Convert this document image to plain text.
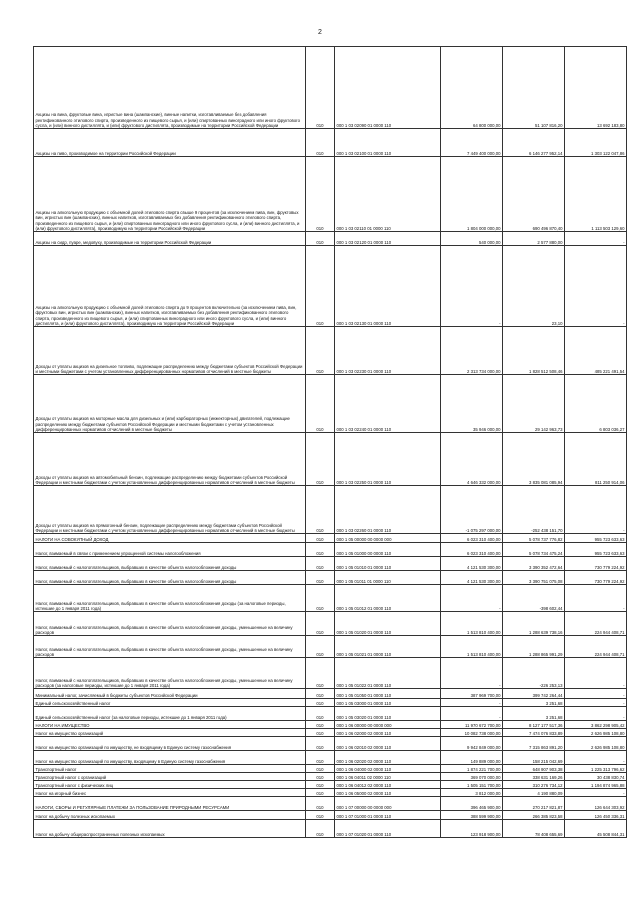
2
Акцизы на вина, фруктовые вина, игристые вина (шампанские), винные напитки, изготавливаемые без добавления ректификованного этилового спирта, произведенного из пищевого сырья, и (или) спиртованных виноградного или иного фруктового сусла, и (или) винного дистиллята, и (или) фруктового дистиллята, производимые на территории Российской Федерации	010	000 1 03 02090 01 0000 110	64 800 000,00	51 107 816,20	13 692 183,80
Акцизы на пиво, производимое на территории Российской Федерации	010	000 1 03 02100 01 0000 110	7 449 400 000,00	6 146 277 952,14	1 303 122 047,86
Акцизы на алкогольную продукцию с объемной долей этилового спирта свыше 9 процентов (за исключением пива, вин, фруктовых вин, игристых вин (шампанских), винных напитков, изготавливаемых без добавления ректификованного этилового спирта, произведенного из пищевого сырья, и (или) спиртованных виноградного или иного фруктового сусла, и (или) винного дистиллята, и (или) фруктового дистиллята), производимую на территории Российской Федерации	010	000 1 03 02110 01 0000 110	1 804 000 000,00	690 496 870,40	1 113 503 129,60
Акцизы на сидр, пуаре, медовуху, производимые на территории Российской Федерации	010	000 1 03 02120 01 0000 110	540 000,00	2 577 880,00	-
Акцизы на алкогольную продукцию с объемной долей этилового спирта до 9 процентов включительно (за исключением пива, вин, фруктовых вин, игристых вин (шампанских), винных напитков, изготавливаемых без добавления ректификованного этилового спирта, произведенного из пищевого сырья, и (или) спиртованных виноградного или иного фруктового сусла, и (или) винного дистиллята, и (или) фруктового дистиллята), производимую на территории Российской Федерации	010	000 1 03 02130 01 0000 110	-	23,10	-
Доходы от уплаты акцизов на дизельное топливо, подлежащие распределению между бюджетами субъектов Российской Федерации и местными бюджетами с учетом установленных дифференцированных нормативов отчислений в местные бюджеты	010	000 1 03 02230 01 0000 110	2 313 734 000,00	1 828 512 508,46	485 221 491,54
Доходы от уплаты акцизов на моторные масла для дизельных и (или) карбюраторных (инжекторных) двигателей, подлежащие распределению между бюджетами субъектов Российской Федерации и местными бюджетами с учетом установленных дифференцированных нормативов отчислений в местные бюджеты	010	000 1 03 02240 01 0000 110	35 946 000,00	29 142 963,73	6 803 036,27
Доходы от уплаты акцизов на автомобильный бензин, подлежащие распределению между бюджетами субъектов Российской Федерации и местными бюджетами с учетом установленных дифференцированных нормативов отчислений в местные бюджеты	010	000 1 03 02250 01 0000 110	4 646 332 000,00	3 835 081 085,94	811 250 914,06
Доходы от уплаты акцизов на прямогонный бензин, подлежащие распределению между бюджетами субъектов Российской Федерации и местными бюджетами с учетом установленных дифференцированных нормативов отчислений в местные бюджеты	010	000 1 03 02260 01 0000 110	-1 075 297 000,00	-252 438 151,70	-
НАЛОГИ НА СОВОКУПНЫЙ ДОХОД	010	000 1 05 00000 00 0000 000	6 023 310 400,00	5 078 737 776,82	955 723 633,63
Налог, взимаемый в связи с применением упрощенной системы налогообложения	010	000 1 05 01000 00 0000 110	6 023 310 400,00	5 078 734 475,24	955 723 633,63
Налог, взимаемый с налогоплательщиков, выбравших в качестве объекта налогообложения доходы	010	000 1 05 01010 01 0000 110	4 121 530 300,00	3 390 352 472,64	730 779 224,92
Налог, взимаемый с налогоплательщиков, выбравших в качестве объекта налогообложения доходы	010	000 1 05 01011 01 0000 110	4 121 530 300,00	3 390 751 075,08	730 779 224,92
Налог, взимаемый с налогоплательщиков, выбравших в качестве объекта налогообложения доходы (за налоговые периоды, истекшие до 1 января 2011 года)	010	000 1 05 01012 01 0000 110	-	-398 602,44	-
Налог, взимаемый с налогоплательщиков, выбравших в качестве объекта налогообложения доходы, уменьшенные на величину расходов	010	000 1 05 01020 01 0000 110	1 513 810 400,00	1 288 639 738,16	224 944 408,71
Налог, взимаемый с налогоплательщиков, выбравших в качестве объекта налогообложения доходы, уменьшенные на величину расходов	010	000 1 05 01021 01 0000 110	1 513 810 400,00	1 288 865 991,29	224 944 408,71
Налог, взимаемый с налогоплательщиков, выбравших в качестве объекта налогообложения доходы, уменьшенные на величину расходов (за налоговые периоды, истекшие до 1 января 2011 года)	010	000 1 05 01022 01 0000 110	-	-226 253,13	-
Минимальный налог, зачисляемый в бюджеты субъектов Российской Федерации	010	000 1 05 01050 01 0000 110	387 969 700,00	399 742 264,44	-
Единый сельскохозяйственный налог	010	000 1 05 03000 01 0000 110	-	3 251,68	-
Единый сельскохозяйственный налог (за налоговые периоды, истекшие до 1 января 2011 года)	010	000 1 05 03020 01 0000 110	-	3 251,68	-
НАЛОГИ НА ИМУЩЕСТВО	010	000 1 06 00000 00 0000 000	11 970 672 700,00	8 127 177 517,36	3 862 298 905,42
Налог на имущество организаций	010	000 1 06 02000 02 0000 110	10 082 738 000,00	7 474 076 833,89	2 626 985 108,80
Налог на имущество организаций по имуществу, не входящему в Единую систему газоснабжения	010	000 1 06 02010 02 0000 110	9 942 849 000,00	7 315 863 891,20	2 626 985 108,80
Налог на имущество организаций по имуществу, входящему в Единую систему газоснабжения	010	000 1 06 02020 02 0000 110	149 889 000,00	158 215 042,69	-
Транспортный налог	010	000 1 06 04000 02 0000 110	1 874 221 700,00	648 907 903,38	1 225 313 796,62
Транспортный налог с организаций	010	000 1 06 04011 02 0000 110	369 070 000,00	338 631 169,26	30 438 830,74
Транспортный налог с физических лиц	010	000 1 06 04012 02 0000 110	1 505 151 700,00	310 276 734,12	1 194 874 965,88
Налог на игорный бизнес	010	000 1 06 05000 02 0000 110	3 812 000,00	4 190 880,09	-
НАЛОГИ, СБОРЫ И РЕГУЛЯРНЫЕ ПЛАТЕЖИ ЗА ПОЛЬЗОВАНИЕ ПРИРОДНЫМИ РЕСУРСАМИ	010	000 1 07 00000 00 0000 000	396 465 900,00	270 217 821,87	126 644 303,92
Налог на добычу полезных ископаемых	010	000 1 07 01000 01 0000 110	388 599 900,00	266 385 823,58	126 450 336,31
Налог на добычу общераспространенных полезных ископаемых	010	000 1 07 01020 01 0000 110	123 918 900,00	78 408 655,69	45 508 844,31
